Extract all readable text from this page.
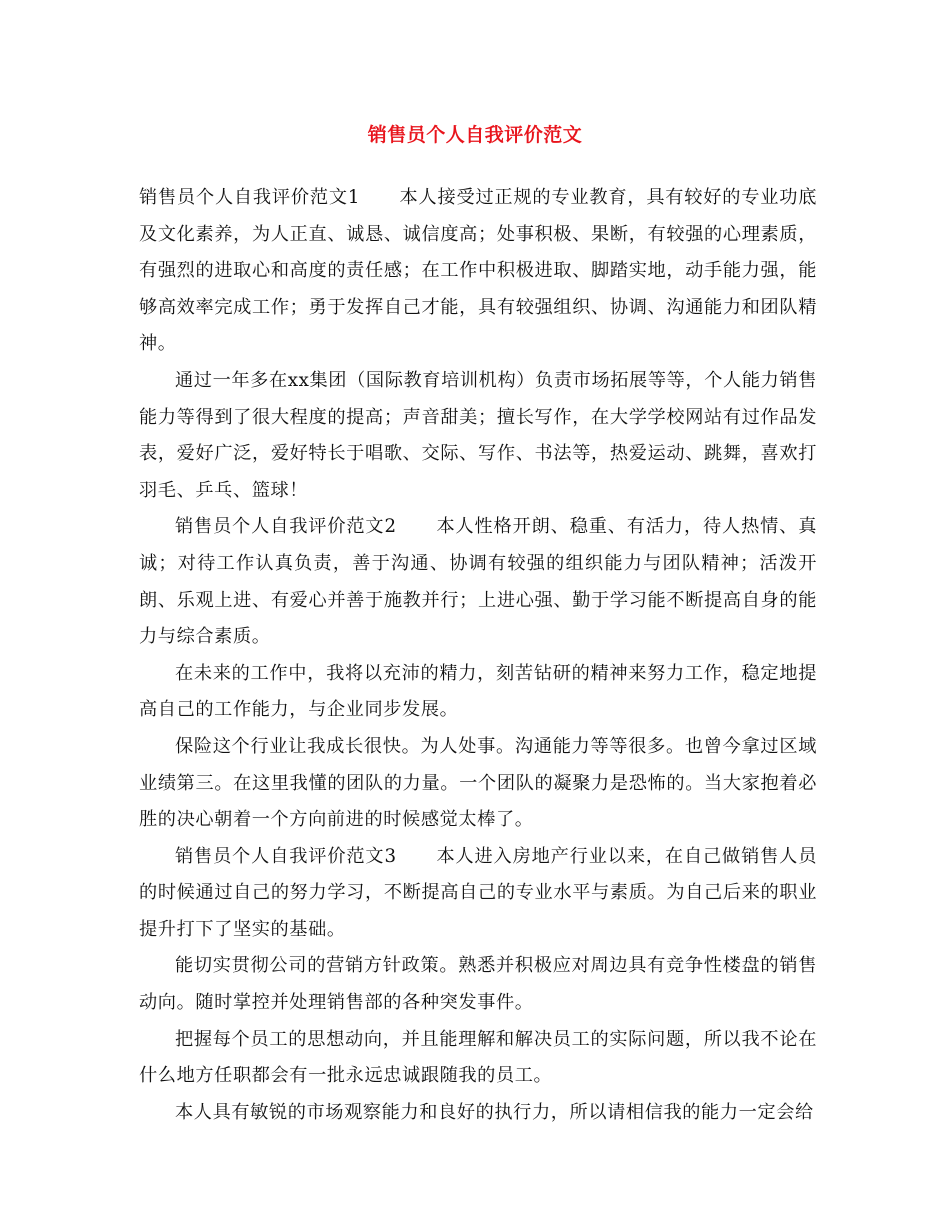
销售员个人自我评价范文

销售员个人自我评价范文1 本人接受过正规的专业教育，具有较好的专业功底及文化素养，为人正直、诚恳、诚信度高；处事积极、果断，有较强的心理素质，有强烈的进取心和高度的责任感；在工作中积极进取、脚踏实地，动手能力强，能够高效率完成工作；勇于发挥自己才能，具有较强组织、协调、沟通能力和团队精神。

通过一年多在xx集团（国际教育培训机构）负责市场拓展等等，个人能力销售能力等得到了很大程度的提高；声音甜美；擅长写作，在大学学校网站有过作品发表，爱好广泛，爱好特长于唱歌、交际、写作、书法等，热爱运动、跳舞，喜欢打羽毛、乒乓、篮球！

销售员个人自我评价范文2 本人性格开朗、稳重、有活力，待人热情、真诚；对待工作认真负责，善于沟通、协调有较强的组织能力与团队精神；活泼开朗、乐观上进、有爱心并善于施教并行；上进心强、勤于学习能不断提高自身的能力与综合素质。

在未来的工作中，我将以充沛的精力，刻苦钻研的精神来努力工作，稳定地提高自己的工作能力，与企业同步发展。

保险这个行业让我成长很快。为人处事。沟通能力等等很多。也曾今拿过区域业绩第三。在这里我懂的团队的力量。一个团队的凝聚力是恐怖的。当大家抱着必胜的决心朝着一个方向前进的时候感觉太棒了。

销售员个人自我评价范文3 本人进入房地产行业以来，在自己做销售人员的时候通过自己的努力学习，不断提高自己的专业水平与素质。为自己后来的职业提升打下了坚实的基础。

能切实贯彻公司的营销方针政策。熟悉并积极应对周边具有竞争性楼盘的销售动向。随时掌控并处理销售部的各种突发事件。

把握每个员工的思想动向，并且能理解和解决员工的实际问题，所以我不论在什么地方任职都会有一批永远忠诚跟随我的员工。

本人具有敏锐的市场观察能力和良好的执行力，所以请相信我的能力一定会给
